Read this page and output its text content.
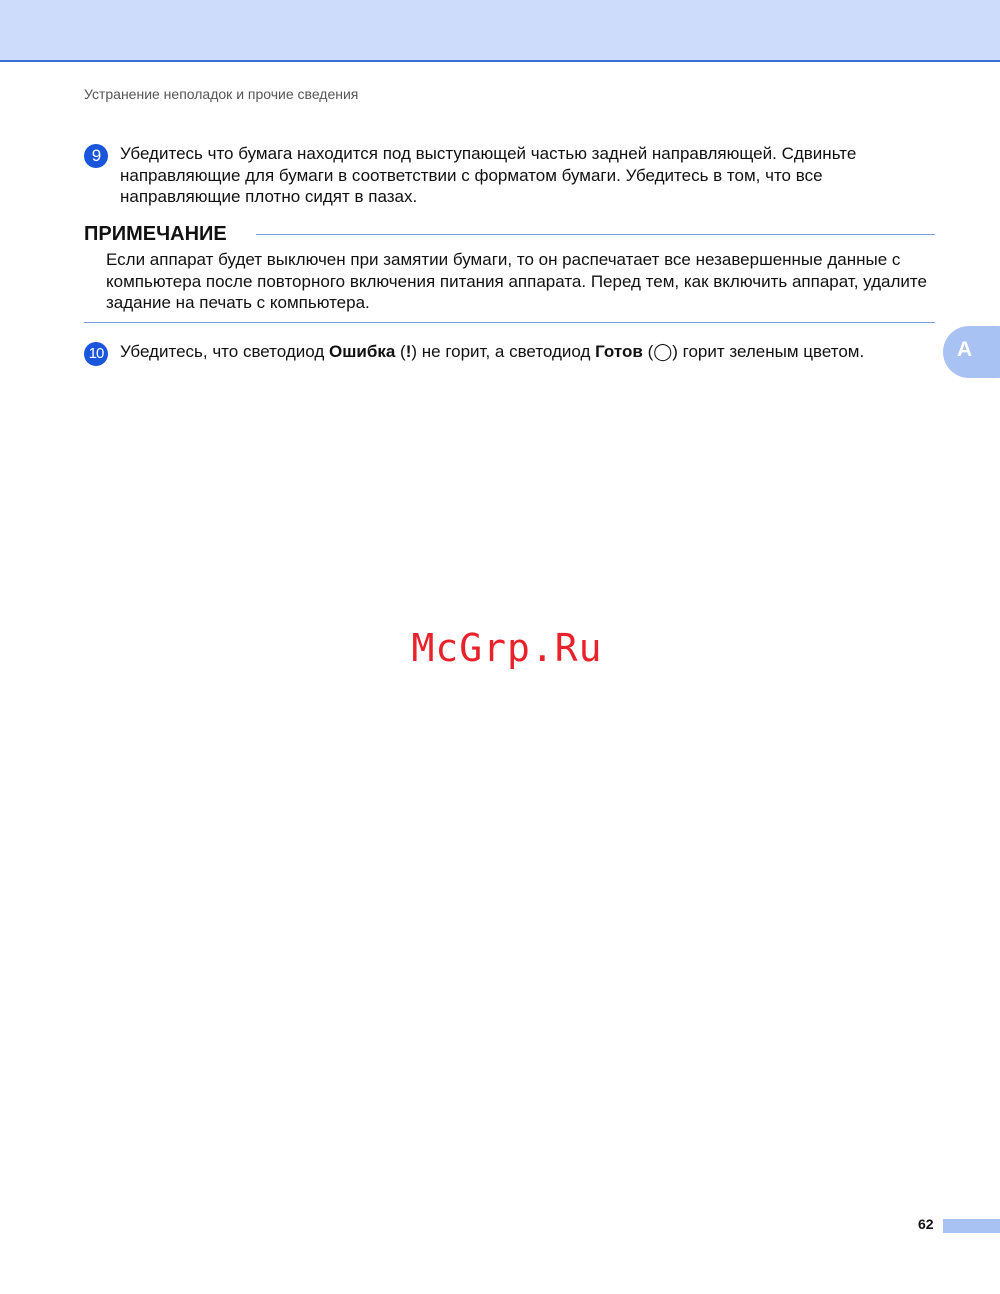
Устранение неполадок и прочие сведения
9	Убедитесь что бумага находится под выступающей частью задней направляющей. Сдвиньте направляющие для бумаги в соответствии с форматом бумаги. Убедитесь в том, что все направляющие плотно сидят в пазах.
ПРИМЕЧАНИЕ
Если аппарат будет выключен при замятии бумаги, то он распечатает все незавершенные данные с компьютера после повторного включения питания аппарата. Перед тем, как включить аппарат, удалите задание на печать с компьютера.
10 Убедитесь, что светодиод Ошибка (!) не горит, а светодиод Готов (◯) горит зеленым цветом.	A
McGrp.Ru
62
